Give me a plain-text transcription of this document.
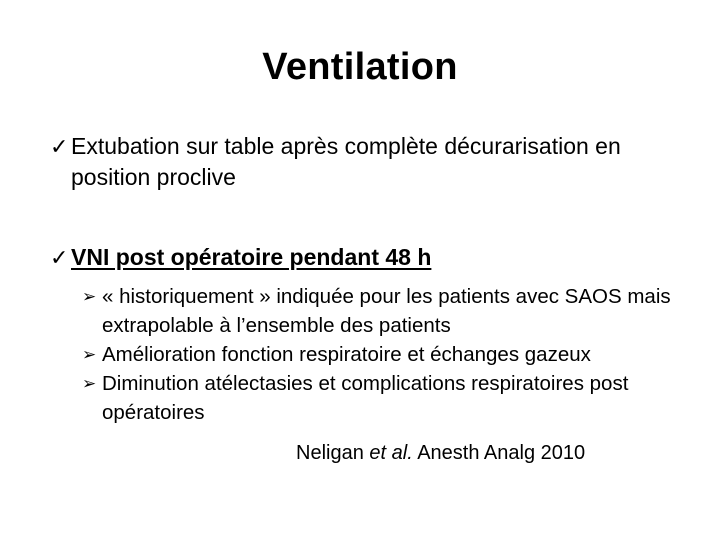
Ventilation
✓ Extubation sur table après complète décurarisation en position proclive
✓ VNI post opératoire pendant 48 h
➢ « historiquement » indiquée pour les patients avec SAOS mais extrapolable à l’ensemble des patients
➢ Amélioration fonction respiratoire et échanges gazeux
➢ Diminution atélectasies et complications respiratoires post opératoires
Neligan et al. Anesth Analg 2010
